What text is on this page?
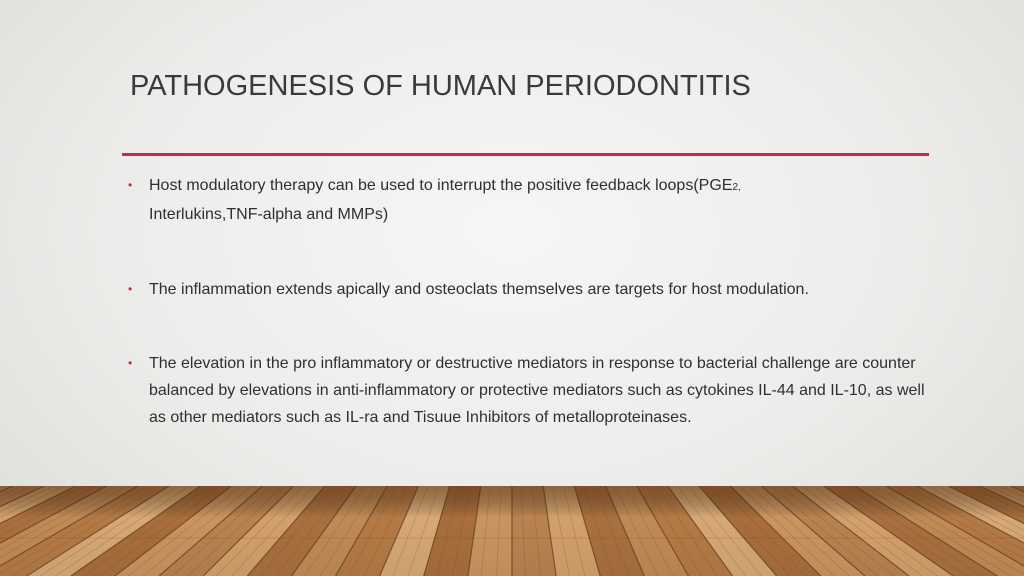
PATHOGENESIS OF HUMAN PERIODONTITIS
• Host modulatory therapy can be used to interrupt the positive feedback loops(PGE2,
Interlukins,TNF-alpha and MMPs)
• The inflammation extends apically and osteoclats themselves are targets for host modulation.
• The elevation in the pro inflammatory or destructive mediators in response to bacterial challenge are counter balanced by elevations in anti-inflammatory or protective mediators such as cytokines IL-44 and IL-10, as well as other mediators such as IL-ra and Tisuue Inhibitors of metalloproteinases.
